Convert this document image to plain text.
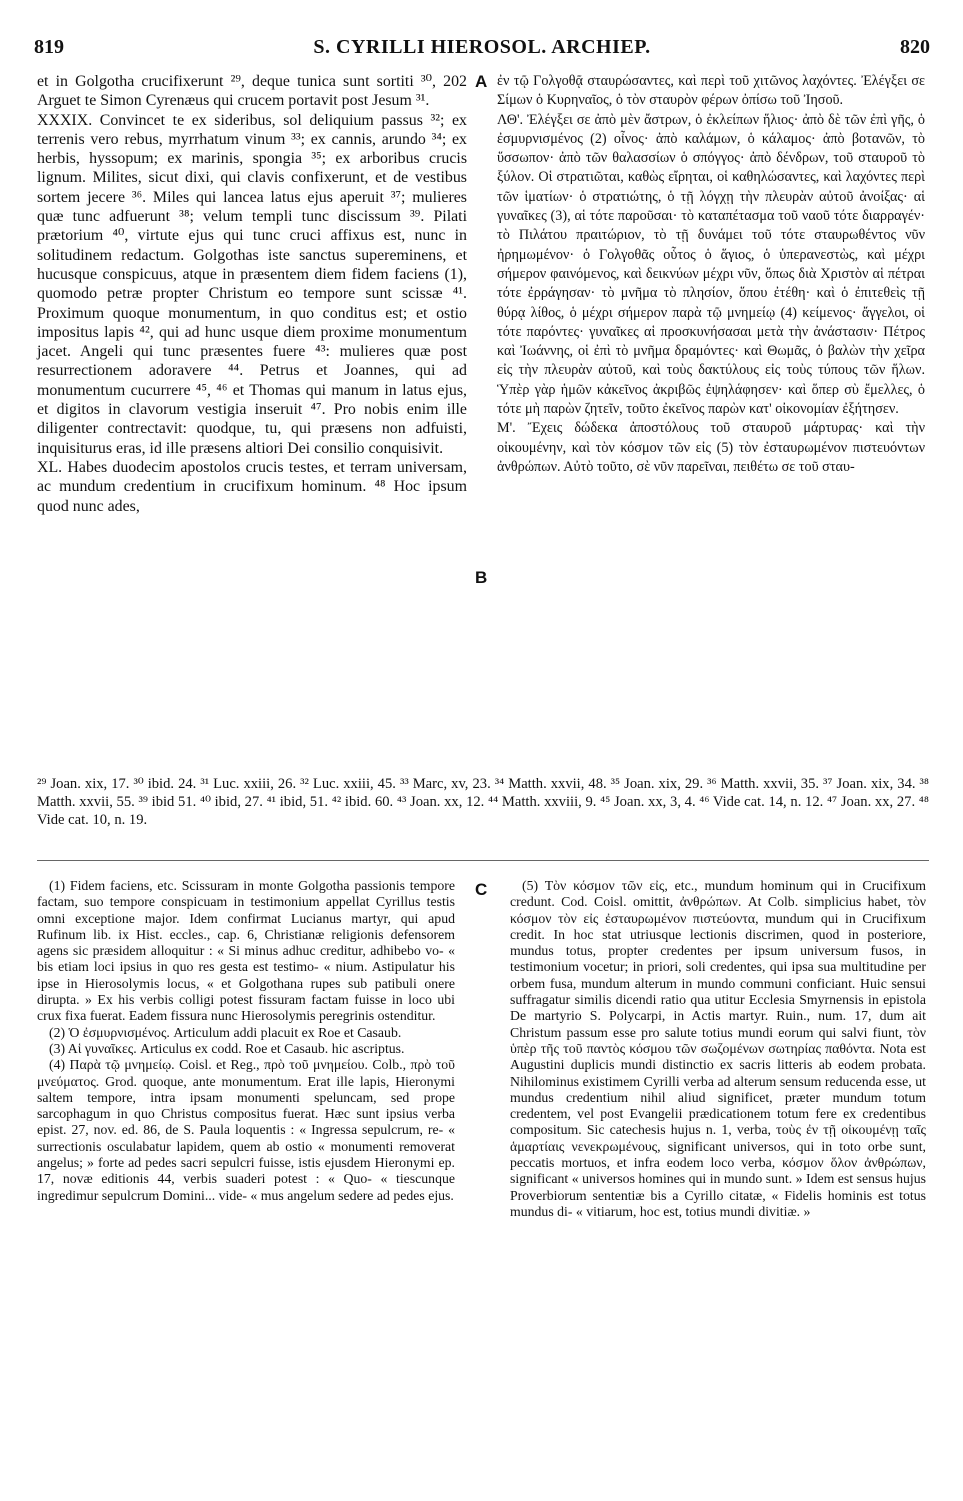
819	S. CYRILLI HIEROSOL. ARCHIEP.	820
A
B
C

et in Golgotha crucifixerunt ²⁹, deque tunica sunt sortiti ³⁰, 202 Arguet te Simon Cyrenæus qui crucem portavit post Jesum ³¹.

XXXIX. Convincet te ex sideribus, sol deliquium passus ³²; ex terrenis vero rebus, myrrhatum vinum ³³; ex cannis, arundo ³⁴; ex herbis, hyssopum; ex marinis, spongia ³⁵; ex arboribus crucis lignum. Milites, sicut dixi, qui clavis confixerunt, et de vestibus sortem jecere ³⁶. Miles qui lancea latus ejus aperuit ³⁷; mulieres quæ tunc adfuerunt ³⁸; velum templi tunc discissum ³⁹. Pilati prætorium ⁴⁰, virtute ejus qui tunc cruci affixus est, nunc in solitudinem redactum. Golgothas iste sanctus supereminens, et hucusque conspicuus, atque in præsentem diem fidem faciens (1), quomodo petræ propter Christum eo tempore sunt scissæ ⁴¹. Proximum quoque monumentum, in quo conditus est; et ostio impositus lapis ⁴², qui ad hunc usque diem proxime monumentum jacet. Angeli qui tunc præsentes fuere ⁴³: mulieres quæ post resurrectionem adoravere ⁴⁴. Petrus et Joannes, qui ad monumentum cucurrere ⁴⁵, ⁴⁶ et Thomas qui manum in latus ejus, et digitos in clavorum vestigia inseruit ⁴⁷. Pro nobis enim ille diligenter contrectavit: quodque, tu, qui præsens non adfuisti, inquisiturus eras, id ille præsens altiori Dei consilio conquisivit.

XL. Habes duodecim apostolos crucis testes, et terram universam, ac mundum credentium in crucifixum hominum. ⁴⁸ Hoc ipsum quod nunc ades,

ἐν τῷ Γολγοθᾷ σταυρώσαντες, καὶ περὶ τοῦ χιτῶνος λαχόντες. Ἐλέγξει σε Σίμων ὁ Κυρηναῖος, ὁ τὸν σταυρὸν φέρων ὀπίσω τοῦ Ἰησοῦ.

ΛΘ'. Ἐλέγξει σε ἀπὸ μὲν ἄστρων, ὁ ἐκλείπων ἥλιος· ἀπὸ δὲ τῶν ἐπὶ γῆς, ὁ ἐσμυρνισμένος (2) οἶνος· ἀπὸ καλάμων, ὁ κάλαμος· ἀπὸ βοτανῶν, τὸ ὕσσωπον· ἀπὸ τῶν θαλασσίων ὁ σπόγγος· ἀπὸ δένδρων, τοῦ σταυροῦ τὸ ξύλον. Οἱ στρατιῶται, καθὼς εἴρηται, οἱ καθηλώσαντες, καὶ λαχόντες περὶ τῶν ἱματίων· ὁ στρατιώτης, ὁ τῇ λόγχῃ τὴν πλευρὰν αὐτοῦ ἀνοίξας· αἱ γυναῖκες (3), αἱ τότε παροῦσαι· τὸ καταπέτασμα τοῦ ναοῦ τότε διαρραγέν· τὸ Πιλάτου πραιτώριον, τὸ τῇ δυνάμει τοῦ τότε σταυρωθέντος νῦν ἠρημωμένον· ὁ Γολγοθᾶς οὗτος ὁ ἅγιος, ὁ ὑπερανεστὼς, καὶ μέχρι σήμερον φαινόμενος, καὶ δεικνύων μέχρι νῦν, ὅπως διὰ Χριστὸν αἱ πέτραι τότε ἐρράγησαν· τὸ μνῆμα τὸ πλησίον, ὅπου ἐτέθη· καὶ ὁ ἐπιτεθεὶς τῇ θύρᾳ λίθος, ὁ μέχρι σήμερον παρὰ τῷ μνημείῳ (4) κείμενος· ἄγγελοι, οἱ τότε παρόντες· γυναῖκες αἱ προσκυνήσασαι μετὰ τὴν ἀνάστασιν· Πέτρος καὶ Ἰωάννης, οἱ ἐπὶ τὸ μνῆμα δραμόντες· καὶ Θωμᾶς, ὁ βαλὼν τὴν χεῖρα εἰς τὴν πλευρὰν αὐτοῦ, καὶ τοὺς δακτύλους εἰς τοὺς τύπους τῶν ἥλων. Ὑπὲρ γὰρ ἡμῶν κἀκεῖνος ἀκριβῶς ἐψηλάφησεν· καὶ ὅπερ σὺ ἔμελλες, ὁ τότε μὴ παρὼν ζητεῖν, τοῦτο ἐκεῖνος παρὼν κατ' οἰκονομίαν ἐξήτησεν.

Μ'. Ἔχεις δώδεκα ἀποστόλους τοῦ σταυροῦ μάρτυρας· καὶ τὴν οἰκουμένην, καὶ τὸν κόσμον τῶν εἰς (5) τὸν ἐσταυρωμένον πιστευόντων ἀνθρώπων. Αὐτὸ τοῦτο, σὲ νῦν παρεῖναι, πειθέτω σε τοῦ σταυ-

²⁹ Joan. xix, 17. ³⁰ ibid. 24. ³¹ Luc. xxiii, 26. ³² Luc. xxiii, 45. ³³ Marc, xv, 23. ³⁴ Matth. xxvii, 48. ³⁵ Joan. xix, 29. ³⁶ Matth. xxvii, 35. ³⁷ Joan. xix, 34. ³⁸ Matth. xxvii, 55. ³⁹ ibid 51. ⁴⁰ ibid, 27. ⁴¹ ibid, 51. ⁴² ibid. 60. ⁴³ Joan. xx, 12. ⁴⁴ Matth. xxviii, 9. ⁴⁵ Joan. xx, 3, 4. ⁴⁶ Vide cat. 14, n. 12. ⁴⁷ Joan. xx, 27. ⁴⁸ Vide cat. 10, n. 19.

(1) Fidem faciens, etc. Scissuram in monte Golgotha passionis tempore factam, suo tempore conspicuam in testimonium appellat Cyrillus testis omni exceptione major. Idem confirmat Lucianus martyr, qui apud Rufinum lib. ix Hist. eccles., cap. 6, Christianæ religionis defensorem agens sic præsidem alloquitur : « Si minus adhuc creditur, adhibebo vo- « bis etiam loci ipsius in quo res gesta est testimo- « nium. Astipulatur his ipse in Hierosolymis locus, « et Golgothana rupes sub patibuli onere dirupta. » Ex his verbis colligi potest fissuram factam fuisse in loco ubi crux fixa fuerat. Eadem fissura nunc Hierosolymis peregrinis ostenditur.

(2) Ὁ ἐσμυρνισμένος. Articulum addi placuit ex Roe et Casaub.

(3) Αἱ γυναῖκες. Articulus ex codd. Roe et Casaub. hic ascriptus.

(4) Παρὰ τῷ μνημείῳ. Coisl. et Reg., πρὸ τοῦ μνημείου. Colb., πρὸ τοῦ μνεύματος. Grod. quoque, ante monumentum. Erat ille lapis, Hieronymi saltem tempore, intra ipsam monumenti speluncam, sed prope sarcophagum in quo Christus compositus fuerat. Hæc sunt ipsius verba epist. 27, nov. ed. 86, de S. Paula loquentis : « Ingressa sepulcrum, re- « surrectionis osculabatur lapidem, quem ab ostio « monumenti removerat angelus; » forte ad pedes sacri sepulcri fuisse, istis ejusdem Hieronymi ep. 17, novæ editionis 44, verbis suaderi potest : « Quo- « tiescunque ingredimur sepulcrum Domini... vide- « mus angelum sedere ad pedes ejus.

(5) Τὸν κόσμον τῶν εἰς, etc., mundum hominum qui in Crucifixum credunt. Cod. Coisl. omittit, ἀνθρώπων. At Colb. simplicius habet, τὸν κόσμον τὸν εἰς ἐσταυρωμένον πιστεύοντα, mundum qui in Crucifixum credit. In hoc stat utriusque lectionis discrimen, quod in posteriore, mundus totus, propter credentes per ipsum universum fusos, in testimonium vocetur; in priori, soli credentes, qui ipsa sua multitudine per orbem fusa, mundum alterum in mundo communi conficiant. Huic sensui suffragatur similis dicendi ratio qua utitur Ecclesia Smyrnensis in epistola De martyrio S. Polycarpi, in Actis martyr. Ruin., num. 17, dum ait Christum passum esse pro salute totius mundi eorum qui salvi fiunt, τὸν ὑπὲρ τῆς τοῦ παντὸς κόσμου τῶν σωζομένων σωτηρίας παθόντα. Nota est Augustini duplicis mundi distinctio ex sacris litteris ab eodem probata. Nihilominus existimem Cyrilli verba ad alterum sensum reducenda esse, ut mundus credentium nihil aliud significet, præter mundum totum credentem, vel post Evangelii prædicationem totum fere ex credentibus compositum. Sic catechesis hujus n. 1, verba, τοὺς ἐν τῇ οἰκουμένῃ ταῖς ἁμαρτίαις νενεκρωμένους, significant universos, qui in toto orbe sunt, peccatis mortuos, et infra eodem loco verba, κόσμον ὅλον ἀνθρώπων, significant « universos homines qui in mundo sunt. » Idem est sensus hujus Proverbiorum sententiæ bis a Cyrillo citatæ, « Fidelis hominis est totus mundus di- « vitiarum, hoc est, totius mundi divitiæ. »
